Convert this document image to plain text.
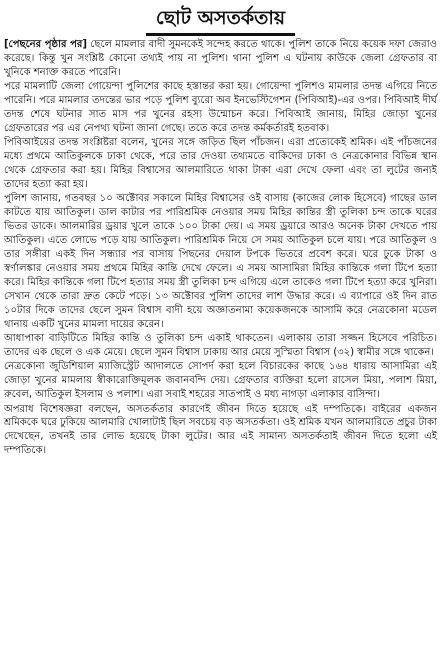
ছোট অসতর্কতায়

[পেছনের পৃষ্ঠার পর] ছেলে মামলার বাদী সুমনকেই সন্দেহ করতে থাকে। পুলিশ তাকে নিয়ে কয়েক দফা জেরাও করেছে। কিন্তু খুন সংশ্লিষ্ট কোনো তথ্যই পায় না পুলিশ। থানা পুলিশ এ ঘটনায় কাউকে জেলা গ্রেফতার বা খুনিকে শনাক্ত করতে পারেনি।

পরে মামলাটি জেলা গোয়েন্দা পুলিশের কাছে হস্তান্তর করা হয়। গোয়েন্দা পুলিশও মামলার তদন্ত এগিয়ে নিতে পারেনি। পরে মামলার তদন্তের ভার পড়ে পুলিশ ব্যুরো অব ইনভেস্টিগেশন (পিবিআই)-এর ওপর। পিবিআই দীর্ঘ তদন্ত শেষে ঘটনার সাত মাস পর খুনের রহস্য উন্মোচন করে। পিবিআই জানায়, মিহির জোড়া খুনের গ্রেফতারের পর এর নেপথ্য ঘটনা জানা গেছে। ততে করে তদন্ত কর্মকর্তারই হতবাক।

পিবিআইয়ের তদন্ত সংশ্লিষ্টরা বলেন, খুনের সঙ্গে জড়িত ছিল পাঁচজন। এরা প্রত্যেকেই শ্রমিক। এই পাঁচজনের মধ্যে প্রথমে আতিকুলকে ঢাকা থেকে, পরে তার দেওয়া তথ্যমতে বাকিদের ঢাকা ও নেত্রকোনার বিভিন্ন স্থান থেকে গ্রেফতার করা হয়। মিহির বিশ্বাসের আলমারিতে থাকা টাকা এরা দেখে ফেলা এবং তা লুটের জন্যই তাদের হত্যা করা হয়।

পুলিশ জানায়, গতবছর ১০ অক্টোবর সকালে মিহির বিশ্বাসের ওই বাসায় (কাজের লোক হিসেবে) গাছের ডাল কাটতে যায় আতিকুল। ডাল কাটার পর পারিশ্রমিক নেওয়ার সময় মিহির কান্তির স্ত্রী তুলিকা চন্দ তাকে ঘরের ভিতর ডাকে। আলমারির ড্রয়ার খুলে তাকে ১০০ টাকা দেয়। এ সময় ড্রয়ারে আরও অনেক টাকা দেখতে পায় আতিকুল। এতে লোভে পড়ে যায় আতিকুল। পারিশ্রমিক নিয়ে সে সময় আতিকুল চলে যায়। পরে আতিকুল ও তার সঙ্গীরা একই দিন সন্ধ্যার পর বাসায় পিছনের দেয়াল টপকে ভিতরে প্রবেশ করে। ঘরে ঢুকে টাকা ও স্বর্ণালঙ্কার নেওয়ার সময় প্রথমে মিহির কান্তি দেখে ফেলে। এ সময় আসামিরা মিহির কান্তিকে গলা টিপে হত্যা করে। মিহির কান্তিকে গলা টিপে হত্যার সময় স্ত্রী তুলিকা চন্দ এগিয়ে এলে তাকেও গলা টিপে হত্যা করে খুনিরা। সেখান থেকে তারা দ্রুত কেটে পড়ে। ১৩ অক্টোবর পুলিশ তাদের লাশ উদ্ধার করে। এ ব্যাপারে ওই দিন রাত ১০টার দিকে তাদের ছেলে সুমন বিশ্বাস বাদী হয়ে অজ্ঞাতনামা কয়েকজনকে আসামি করে নেত্রকোনা মডেল থানায় একটি খুনের মামলা দায়ের করেন।

আধাপাকা বাড়িটিতে মিহির কান্তি ও তুলিকা চন্দ একাই থাকতেন। এলাকায় তারা সজ্জন হিসেবে পরিচিত। তাদের এক ছেলে ও এক মেয়ে। ছেলে সুমন বিশ্বাস ঢাকায় আর মেয়ে সুস্মিতা বিশ্বাস (৩২) স্বামীর সঙ্গে থাকেন।

নেত্রকোনা জুডিশিয়াল ম্যাজিস্ট্রেট আদালতে সোপর্দ করা হলে বিচারকের কাছে ১৬৪ ধারায় আসামিরা এই জোড়া খুনের মামলায় স্বীকারোক্তিমূলক জবানবন্দি দেয়। গ্রেফতার ব্যক্তিরা হলো রাসেল মিয়া, পলাশ মিয়া, রুবেল, আতিকুল ইসলাম ও পলাশ। এরা সবাই শহরের সাতপাই ও মধ্য নাগড়া এলাকার বাসিন্দা।

অপরাধ বিশেষজ্ঞরা বলছেন, অসতর্কতার কারণেই জীবন দিতে হয়েছে এই দম্পতিকে। বাইরের একজন শ্রমিককে ঘরে ঢুকিয়ে আলমারি খোলাটাই ছিল সবচেয় বড় অসতর্কতা। ওই শ্রমিক যখন আলমারিতে প্রচুর টাকা দেখেছেন, তখনই তার লোভ হয়েছে টাকা লুটের। আর এই সামান্য অসতর্কতাই জীবন দিতে হলো এই দম্পতিকে।
